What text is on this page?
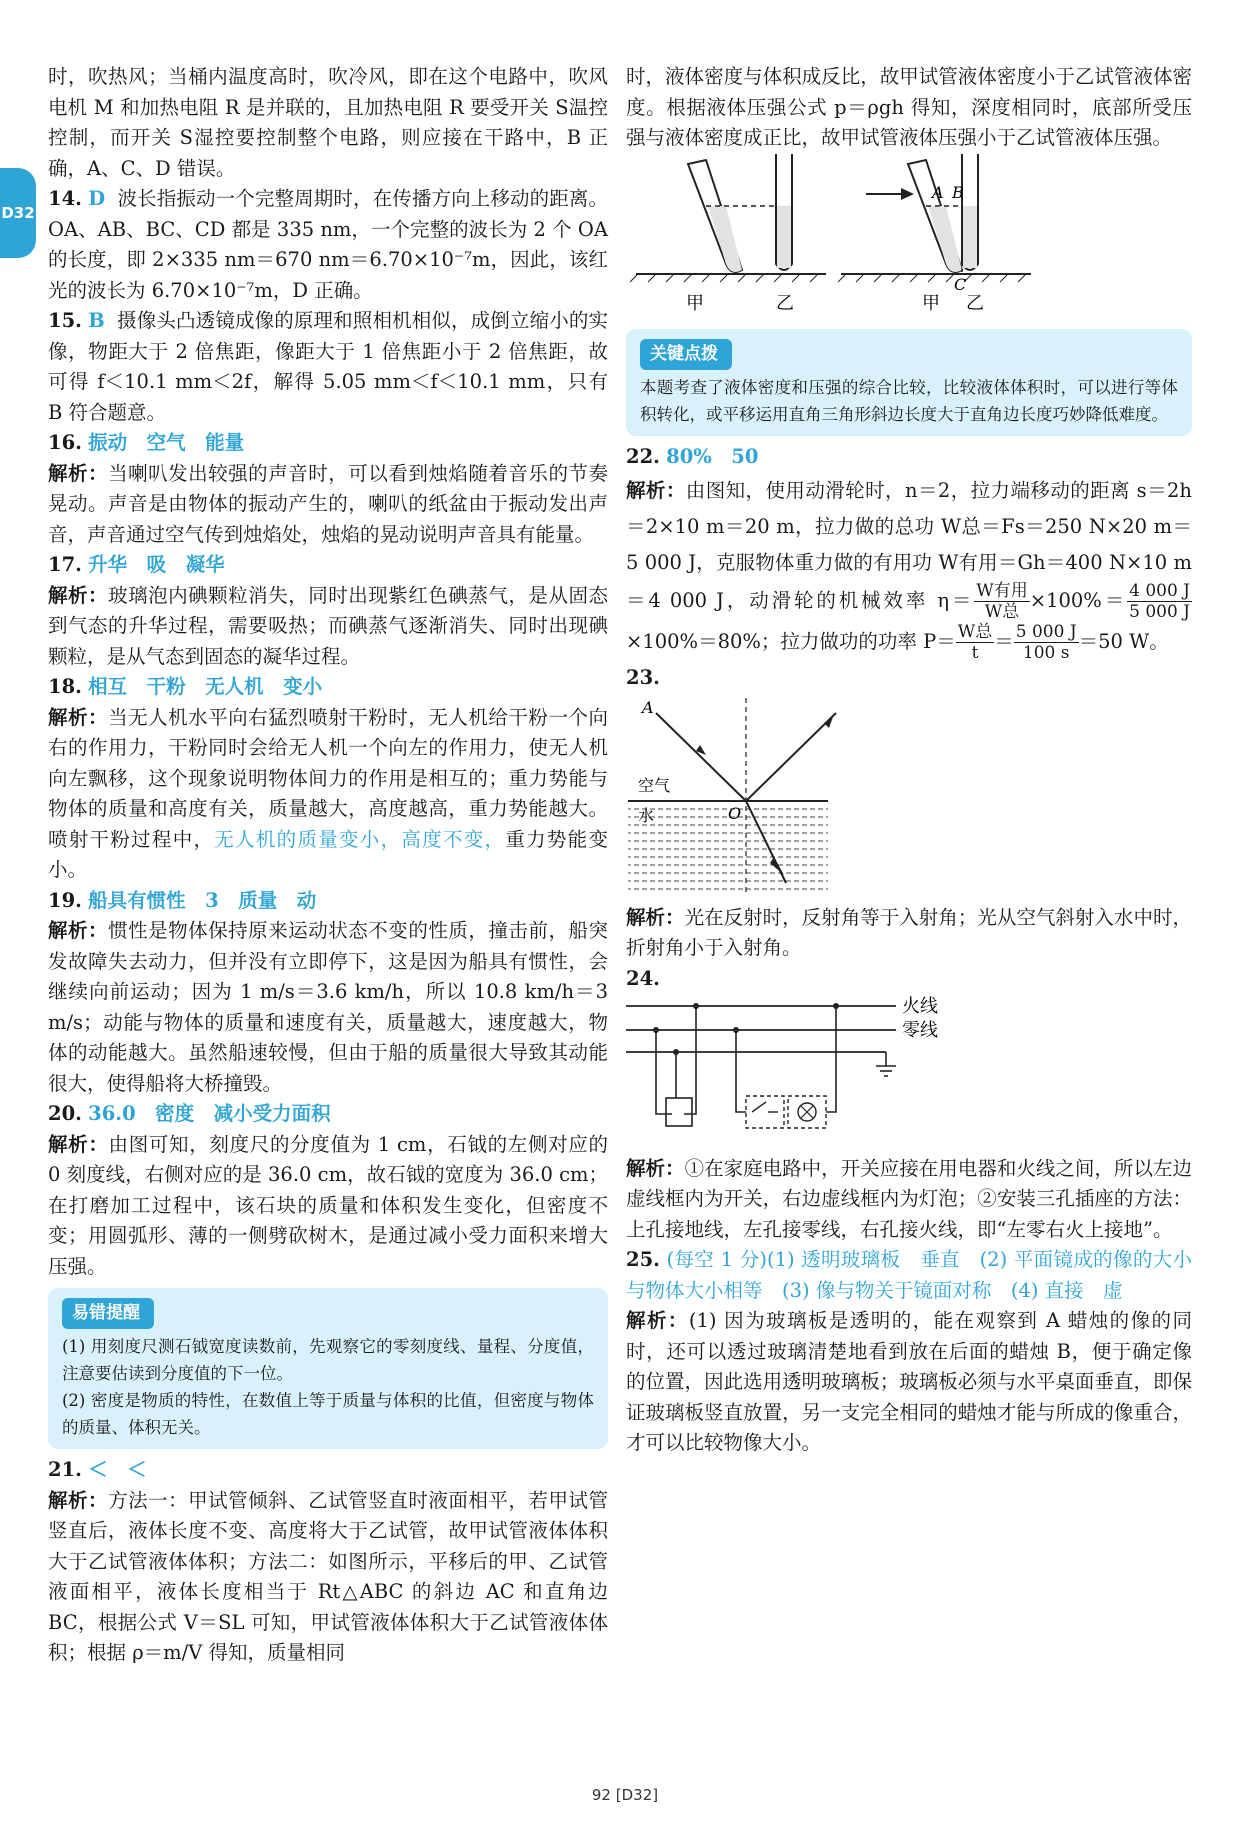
D32

时，吹热风；当桶内温度高时，吹冷风，即在这个电路中，吹风电机 M 和加热电阻 R 是并联的，且加热电阻 R 要受开关 S温控控制，而开关 S湿控要控制整个电路，则应接在干路中，B 正确，A、C、D 错误。

14. D 波长指振动一个完整周期时，在传播方向上移动的距离。OA、AB、BC、CD 都是 335 nm，一个完整的波长为 2 个 OA 的长度，即 2×335 nm＝670 nm＝6.70×10⁻⁷m，因此，该红光的波长为 6.70×10⁻⁷m，D 正确。

15. B 摄像头凸透镜成像的原理和照相机相似，成倒立缩小的实像，物距大于 2 倍焦距，像距大于 1 倍焦距小于 2 倍焦距，故可得 f＜10.1 mm＜2f，解得 5.05 mm＜f＜10.1 mm，只有 B 符合题意。

16. 振动　空气　能量

解析：当喇叭发出较强的声音时，可以看到烛焰随着音乐的节奏晃动。声音是由物体的振动产生的，喇叭的纸盆由于振动发出声音，声音通过空气传到烛焰处，烛焰的晃动说明声音具有能量。

17. 升华　吸　凝华

解析：玻璃泡内碘颗粒消失，同时出现紫红色碘蒸气，是从固态到气态的升华过程，需要吸热；而碘蒸气逐渐消失、同时出现碘颗粒，是从气态到固态的凝华过程。

18. 相互　干粉　无人机　变小

解析：当无人机水平向右猛烈喷射干粉时，无人机给干粉一个向右的作用力，干粉同时会给无人机一个向左的作用力，使无人机向左飘移，这个现象说明物体间力的作用是相互的；重力势能与物体的质量和高度有关，质量越大，高度越高，重力势能越大。喷射干粉过程中，无人机的质量变小，高度不变，重力势能变小。

19. 船具有惯性　3　质量　动

解析：惯性是物体保持原来运动状态不变的性质，撞击前，船突发故障失去动力，但并没有立即停下，这是因为船具有惯性，会继续向前运动；因为 1 m/s＝3.6 km/h，所以 10.8 km/h＝3 m/s；动能与物体的质量和速度有关，质量越大，速度越大，物体的动能越大。虽然船速较慢，但由于船的质量很大导致其动能很大，使得船将大桥撞毁。

20. 36.0　密度　减小受力面积

解析：由图可知，刻度尺的分度值为 1 cm，石钺的左侧对应的 0 刻度线，右侧对应的是 36.0 cm，故石钺的宽度为 36.0 cm；在打磨加工过程中，该石块的质量和体积发生变化，但密度不变；用圆弧形、薄的一侧劈砍树木，是通过减小受力面积来增大压强。

易错提醒

(1) 用刻度尺测石钺宽度读数前，先观察它的零刻度线、量程、分度值，注意要估读到分度值的下一位。

(2) 密度是物质的特性，在数值上等于质量与体积的比值，但密度与物体的质量、体积无关。

21. ＜　＜

解析：方法一：甲试管倾斜、乙试管竖直时液面相平，若甲试管竖直后，液体长度不变、高度将大于乙试管，故甲试管液体体积大于乙试管液体体积；方法二：如图所示，平移后的甲、乙试管液面相平，液体长度相当于 Rt△ABC 的斜边 AC 和直角边 BC，根据公式 V＝SL 可知，甲试管液体体积大于乙试管液体体积；根据 ρ＝m/V 得知，质量相同

时，液体密度与体积成反比，故甲试管液体密度小于乙试管液体密度。根据液体压强公式 p＝ρgh 得知，深度相同时，底部所受压强与液体密度成正比，故甲试管液体压强小于乙试管液体压强。

甲	乙
A B
C
甲 乙
关键点拨

本题考查了液体密度和压强的综合比较，比较液体体积时，可以进行等体积转化，或平移运用直角三角形斜边长度大于直角边长度巧妙降低难度。

22. 80%　50

解析：由图知，使用动滑轮时，n＝2，拉力端移动的距离 s＝2h＝2×10 m＝20 m，拉力做的总功 W总＝Fs＝250 N×20 m＝5 000 J，克服物体重力做的有用功 W有用＝Gh＝400 N×10 m＝4 000 J，动滑轮的机械效率 $\eta= \frac{\text{W有用}}{\text{W总}} \times 100\%= \frac{4 000 J}{5 000 J}$
×100%＝80%；拉力做功的功率 $P= \frac{\text{W总}}{t} = \frac{5 000 J}{100 s} =50$ W。

23.

A
空气
水	O

解析：光在反射时，反射角等于入射角；光从空气斜射入水中时，折射角小于入射角。

24.

火线
零线

解析：①在家庭电路中，开关应接在用电器和火线之间，所以左边虚线框内为开关，右边虚线框内为灯泡；②安装三孔插座的方法：上孔接地线，左孔接零线，右孔接火线，即“左零右火上接地”。

25. (每空 1 分)(1) 透明玻璃板　垂直　(2) 平面镜成的像的大小与物体大小相等　(3) 像与物关于镜面对称　(4) 直接　虚

解析：(1) 因为玻璃板是透明的，能在观察到 A 蜡烛的像的同时，还可以透过玻璃清楚地看到放在后面的蜡烛 B，便于确定像的位置，因此选用透明玻璃板；玻璃板必须与水平桌面垂直，即保证玻璃板竖直放置，另一支完全相同的蜡烛才能与所成的像重合，才可以比较物像大小。

92 [D32]
